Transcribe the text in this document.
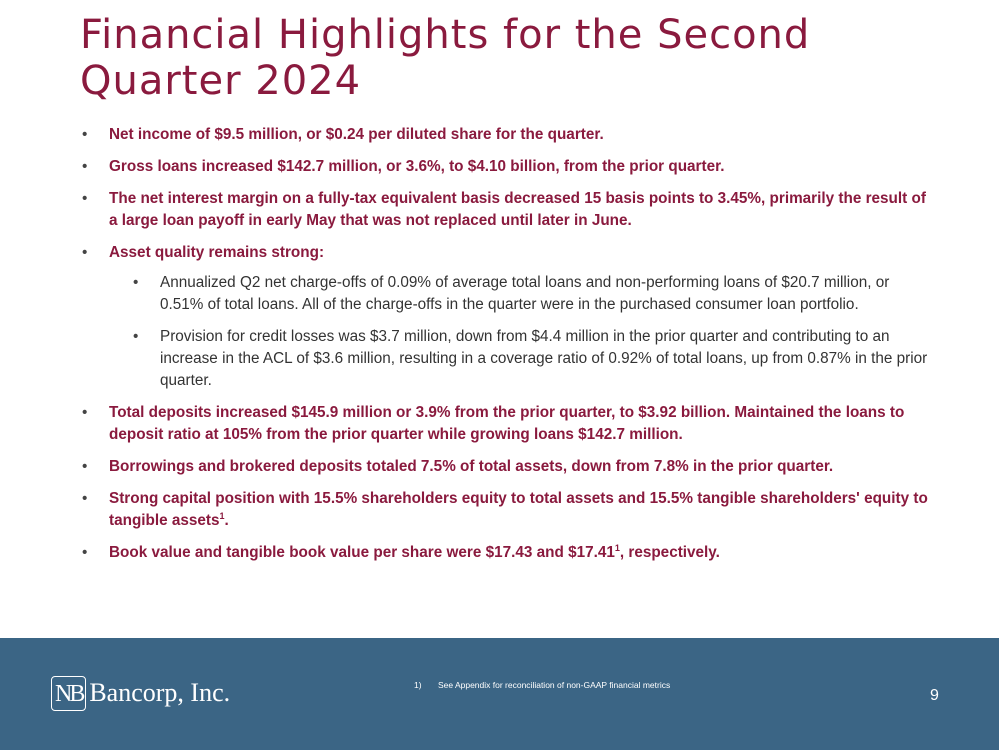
Financial Highlights for the Second Quarter 2024
• Net income of $9.5 million, or $0.24 per diluted share for the quarter.
• Gross loans increased $142.7 million, or 3.6%, to $4.10 billion, from the prior quarter.
• The net interest margin on a fully-tax equivalent basis decreased 15 basis points to 3.45%, primarily the result of a large loan payoff in early May that was not replaced until later in June.
• Asset quality remains strong:
• Annualized Q2 net charge-offs of 0.09% of average total loans and non-performing loans of $20.7 million, or 0.51% of total loans. All of the charge-offs in the quarter were in the purchased consumer loan portfolio.
• Provision for credit losses was $3.7 million, down from $4.4 million in the prior quarter and contributing to an increase in the ACL of $3.6 million, resulting in a coverage ratio of 0.92% of total loans, up from 0.87% in the prior quarter.
• Total deposits increased $145.9 million or 3.9% from the prior quarter, to $3.92 billion. Maintained the loans to deposit ratio at 105% from the prior quarter while growing loans $142.7 million.
• Borrowings and brokered deposits totaled 7.5% of total assets, down from 7.8% in the prior quarter.
• Strong capital position with 15.5% shareholders equity to total assets and 15.5% tangible shareholders' equity to tangible assets$^1$.
• Book value and tangible book value per share were $17.43 and $17.41$^1$, respectively.
NB Bancorp, Inc.	1) See Appendix for reconciliation of non-GAAP financial metrics
9
